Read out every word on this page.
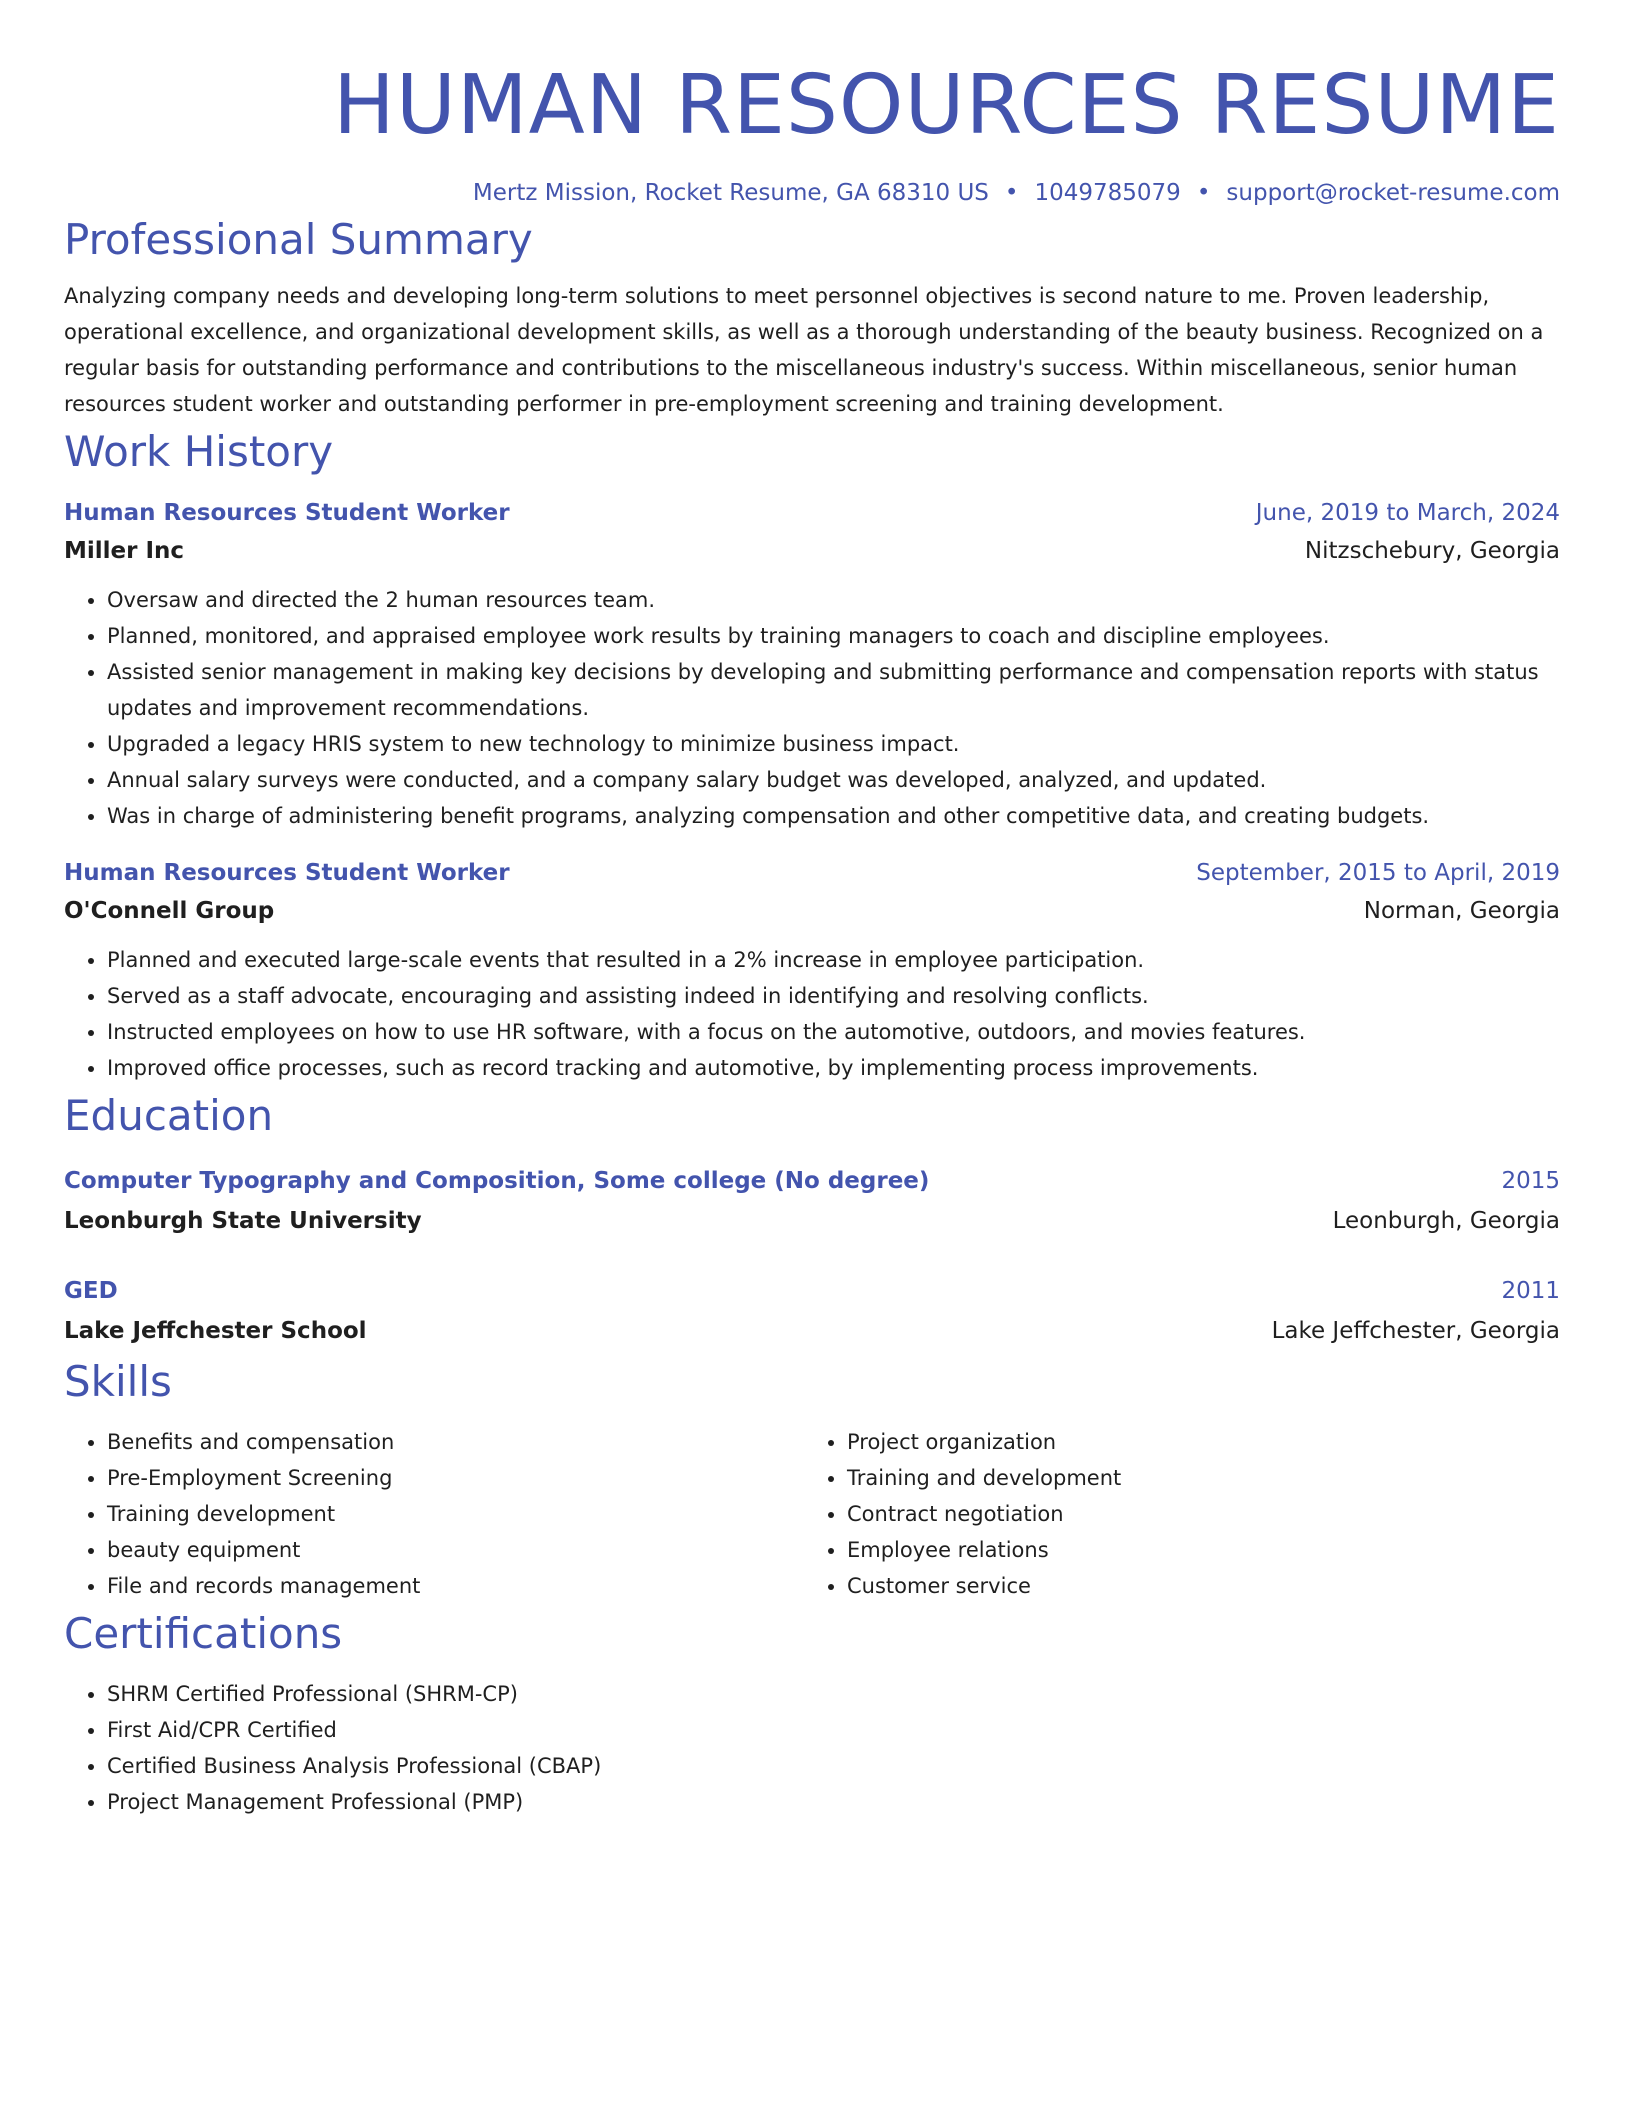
HUMAN RESOURCES RESUME
Mertz Mission, Rocket Resume, GA 68310 US • 1049785079 • support@rocket-resume.com
Professional Summary
Analyzing company needs and developing long-term solutions to meet personnel objectives is second nature to me. Proven leadership, operational excellence, and organizational development skills, as well as a thorough understanding of the beauty business. Recognized on a regular basis for outstanding performance and contributions to the miscellaneous industry's success. Within miscellaneous, senior human resources student worker and outstanding performer in pre-employment screening and training development.
Work History
Human Resources Student Worker	June, 2019 to March, 2024
Miller Inc	Nitzschebury, Georgia
• Oversaw and directed the 2 human resources team.
• Planned, monitored, and appraised employee work results by training managers to coach and discipline employees.
• Assisted senior management in making key decisions by developing and submitting performance and compensation reports with status updates and improvement recommendations.
• Upgraded a legacy HRIS system to new technology to minimize business impact.
• Annual salary surveys were conducted, and a company salary budget was developed, analyzed, and updated.
• Was in charge of administering benefit programs, analyzing compensation and other competitive data, and creating budgets.
Human Resources Student Worker	September, 2015 to April, 2019
O'Connell Group	Norman, Georgia
• Planned and executed large-scale events that resulted in a 2% increase in employee participation.
• Served as a staff advocate, encouraging and assisting indeed in identifying and resolving conflicts.
• Instructed employees on how to use HR software, with a focus on the automotive, outdoors, and movies features.
• Improved office processes, such as record tracking and automotive, by implementing process improvements.
Education
Computer Typography and Composition, Some college (No degree)	2015
Leonburgh State University	Leonburgh, Georgia
GED	2011
Lake Jeffchester School	Lake Jeffchester, Georgia
Skills
• Benefits and compensation
• Pre-Employment Screening
• Training development
• beauty equipment
• File and records management
• Project organization
• Training and development
• Contract negotiation
• Employee relations
• Customer service
Certifications
• SHRM Certified Professional (SHRM-CP)
• First Aid/CPR Certified
• Certified Business Analysis Professional (CBAP)
• Project Management Professional (PMP)
